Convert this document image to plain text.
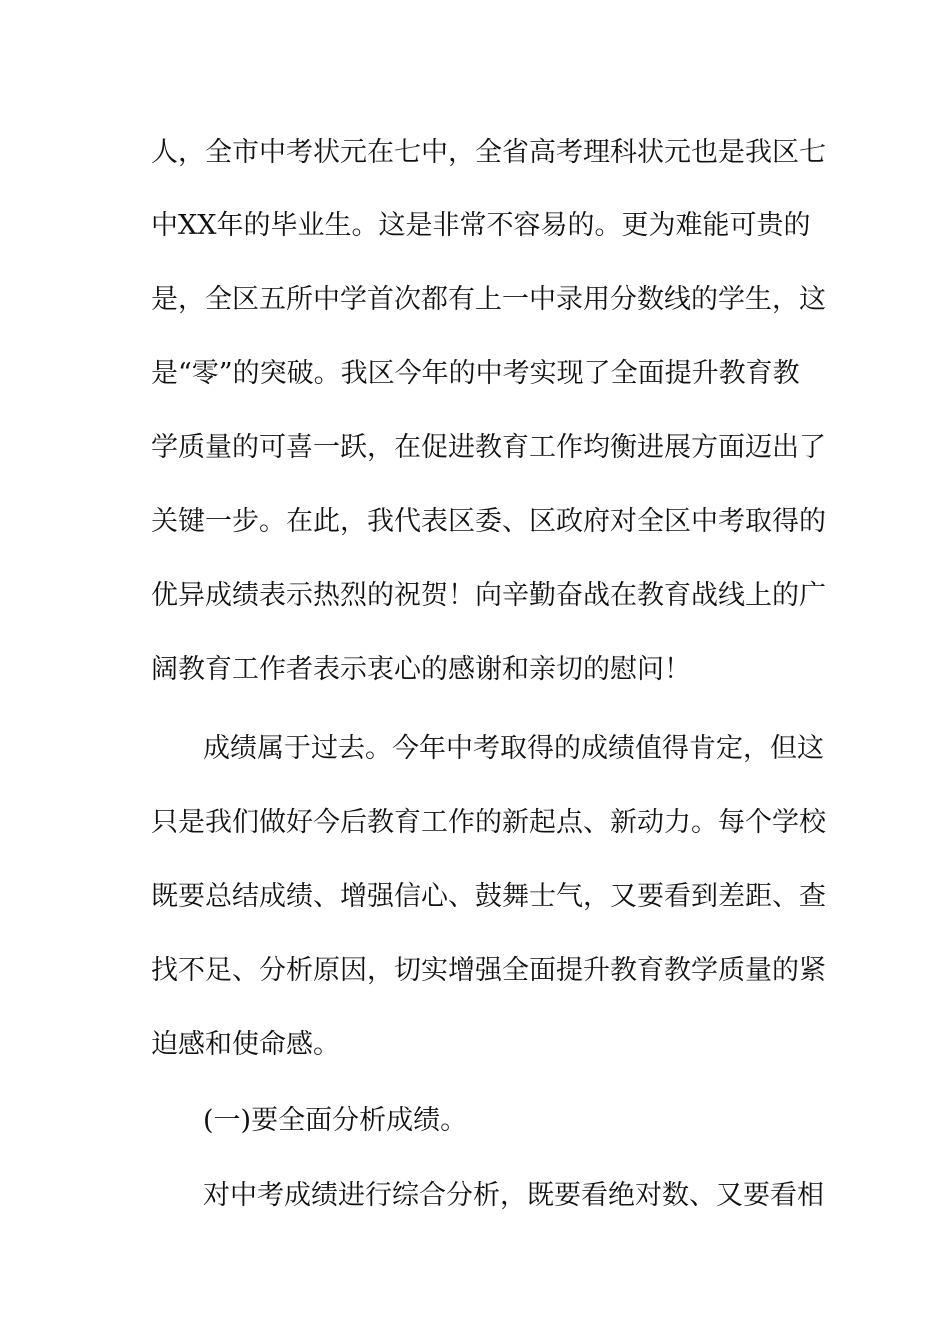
人，全市中考状元在七中，全省高考理科状元也是我区七
中XX年的毕业生。这是非常不容易的。更为难能可贵的
是，全区五所中学首次都有上一中录用分数线的学生，这
是“零”的突破。我区今年的中考实现了全面提升教育教
学质量的可喜一跃，在促进教育工作均衡进展方面迈出了
关键一步。在此，我代表区委、区政府对全区中考取得的
优异成绩表示热烈的祝贺！向辛勤奋战在教育战线上的广
阔教育工作者表示衷心的感谢和亲切的慰问！
成绩属于过去。今年中考取得的成绩值得肯定，但这
只是我们做好今后教育工作的新起点、新动力。每个学校
既要总结成绩、增强信心、鼓舞士气，又要看到差距、查
找不足、分析原因，切实增强全面提升教育教学质量的紧
迫感和使命感。
(一)要全面分析成绩。
对中考成绩进行综合分析，既要看绝对数、又要看相
